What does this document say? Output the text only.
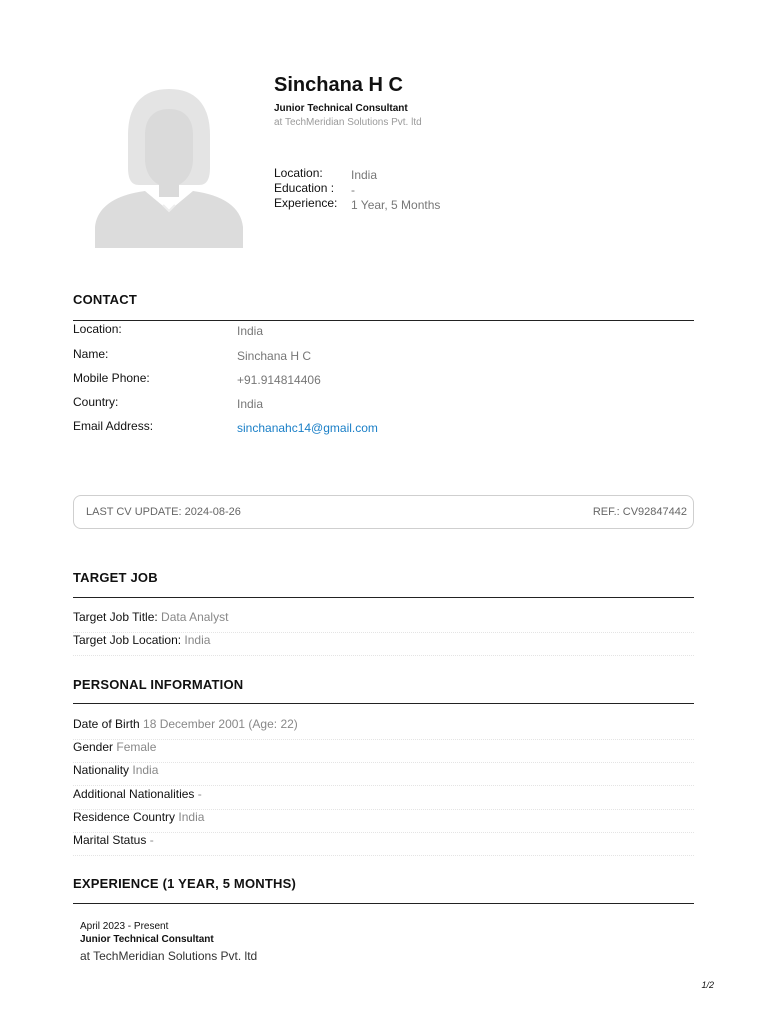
Sinchana H C
Junior Technical Consultant
at TechMeridian Solutions Pvt. ltd
Location:	India
Education :	-
Experience:	1 Year, 5 Months
CONTACT
Location:	India
Name:	Sinchana H C
Mobile Phone:	+91.914814406
Country:	India
Email Address:	sinchanahc14@gmail.com
LAST CV UPDATE: 2024-08-26	REF.: CV92847442
TARGET JOB
Target Job Title: Data Analyst
Target Job Location: India
PERSONAL INFORMATION
Date of Birth 18 December 2001 (Age: 22)
Gender Female
Nationality India
Additional Nationalities -
Residence Country India
Marital Status -
EXPERIENCE (1 YEAR, 5 MONTHS)
April 2023 - Present
Junior Technical Consultant
at TechMeridian Solutions Pvt. ltd
1/2
